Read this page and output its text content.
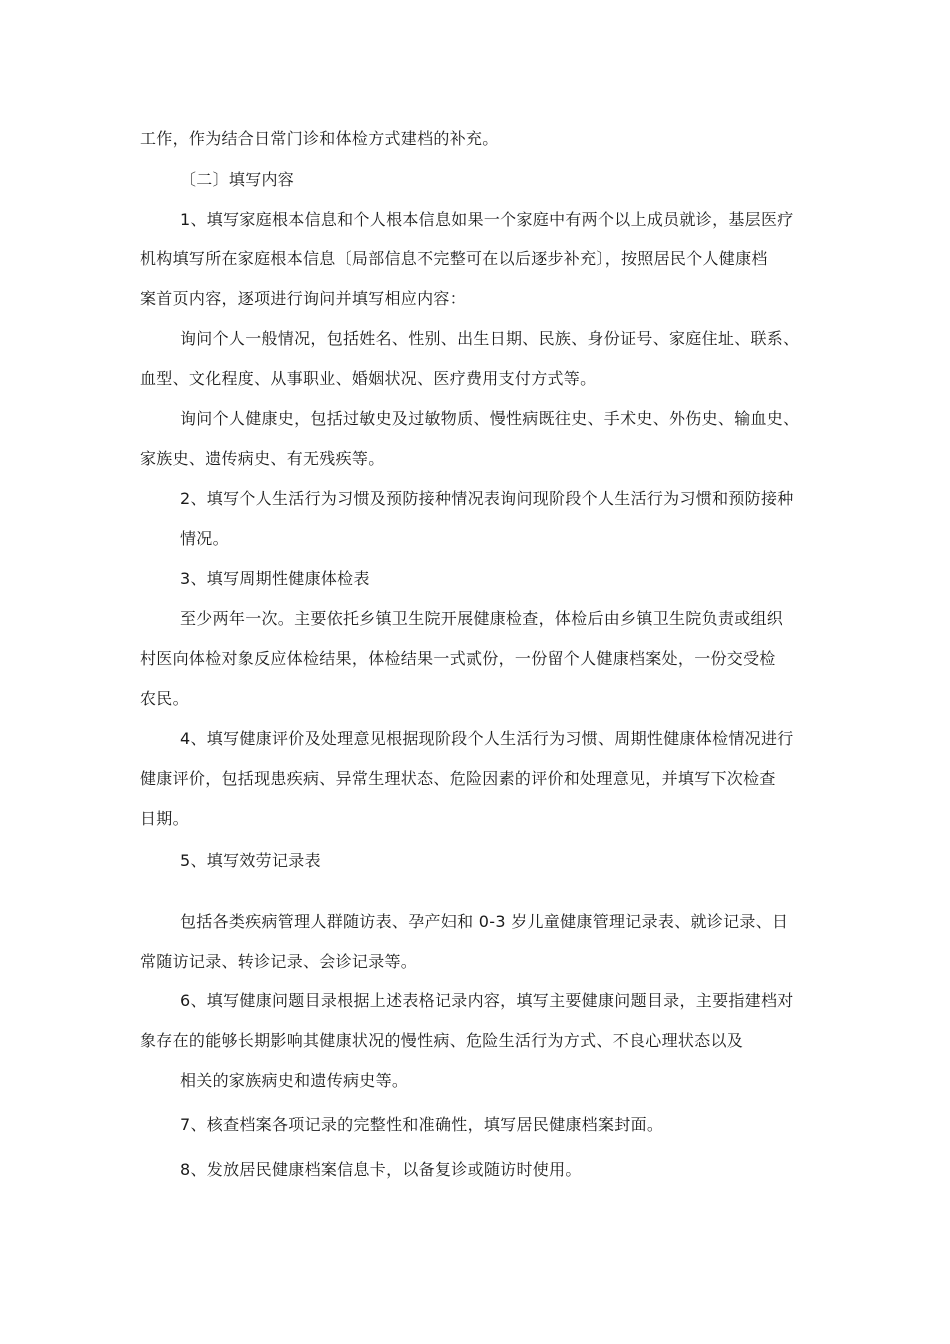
工作，作为结合日常门诊和体检方式建档的补充。
〔二〕填写内容
1、填写家庭根本信息和个人根本信息如果一个家庭中有两个以上成员就诊，基层医疗
机构填写所在家庭根本信息〔局部信息不完整可在以后逐步补充〕，按照居民个人健康档
案首页内容，逐项进行询问并填写相应内容：
询问个人一般情况，包括姓名、性别、出生日期、民族、身份证号、家庭住址、联系、
血型、文化程度、从事职业、婚姻状况、医疗费用支付方式等。
询问个人健康史，包括过敏史及过敏物质、慢性病既往史、手术史、外伤史、输血史、
家族史、遗传病史、有无残疾等。
2、填写个人生活行为习惯及预防接种情况表询问现阶段个人生活行为习惯和预防接种
情况。
3、填写周期性健康体检表
至少两年一次。主要依托乡镇卫生院开展健康检查，体检后由乡镇卫生院负责或组织
村医向体检对象反应体检结果，体检结果一式贰份，一份留个人健康档案处，一份交受检
农民。
4、填写健康评价及处理意见根据现阶段个人生活行为习惯、周期性健康体检情况进行
健康评价，包括现患疾病、异常生理状态、危险因素的评价和处理意见，并填写下次检查
日期。
5、填写效劳记录表
包括各类疾病管理人群随访表、孕产妇和 0-3 岁儿童健康管理记录表、就诊记录、日
常随访记录、转诊记录、会诊记录等。
6、填写健康问题目录根据上述表格记录内容，填写主要健康问题目录，主要指建档对
象存在的能够长期影响其健康状况的慢性病、危险生活行为方式、不良心理状态以及
相关的家族病史和遗传病史等。
7、核查档案各项记录的完整性和准确性，填写居民健康档案封面。
8、发放居民健康档案信息卡，以备复诊或随访时使用。
